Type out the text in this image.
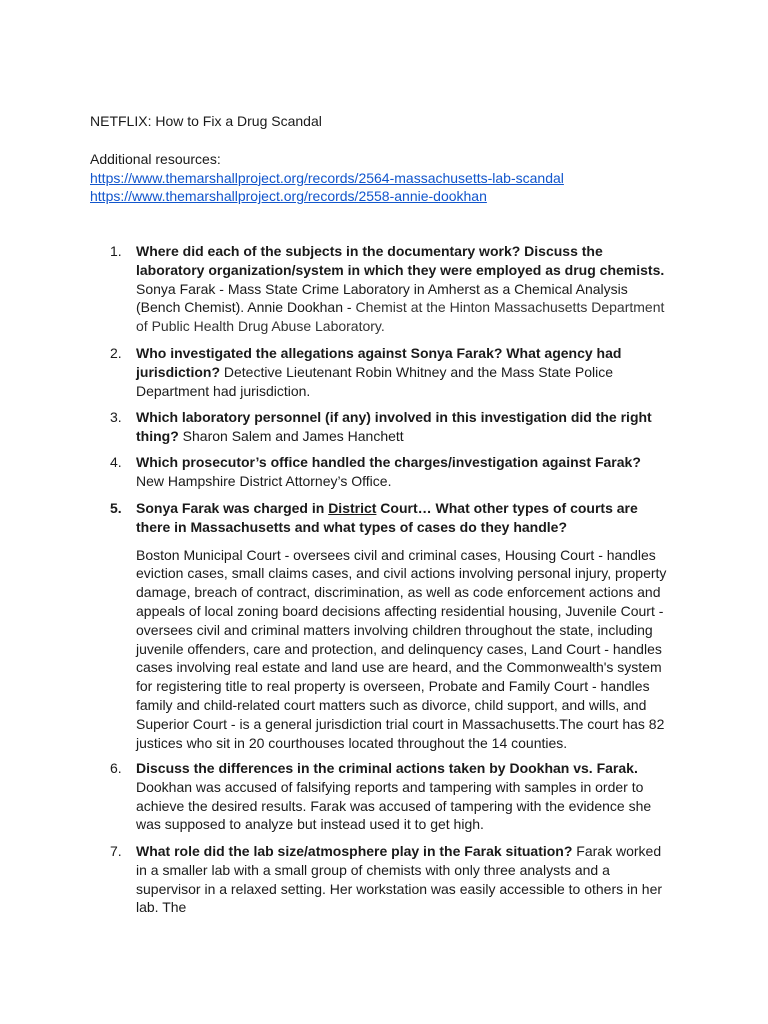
NETFLIX: How to Fix a Drug Scandal
Additional resources:
https://www.themarshallproject.org/records/2564-massachusetts-lab-scandal
https://www.themarshallproject.org/records/2558-annie-dookhan
1.	Where did each of the subjects in the documentary work? Discuss the laboratory organization/system in which they were employed as drug chemists. Sonya Farak - Mass State Crime Laboratory in Amherst as a Chemical Analysis (Bench Chemist). Annie Dookhan - Chemist at the Hinton Massachusetts Department of Public Health Drug Abuse Laboratory.
2.	Who investigated the allegations against Sonya Farak? What agency had jurisdiction? Detective Lieutenant Robin Whitney and the Mass State Police Department had jurisdiction.
3.	Which laboratory personnel (if any) involved in this investigation did the right thing? Sharon Salem and James Hanchett
4.	Which prosecutor’s office handled the charges/investigation against Farak? New Hampshire District Attorney’s Office.
5.	Sonya Farak was charged in District Court… What other types of courts are there in Massachusetts and what types of cases do they handle?
Boston Municipal Court - oversees civil and criminal cases, Housing Court - handles eviction cases, small claims cases, and civil actions involving personal injury, property damage, breach of contract, discrimination, as well as code enforcement actions and appeals of local zoning board decisions affecting residential housing, Juvenile Court - oversees civil and criminal matters involving children throughout the state, including juvenile offenders, care and protection, and delinquency cases, Land Court - handles cases involving real estate and land use are heard, and the Commonwealth's system for registering title to real property is overseen, Probate and Family Court - handles family and child-related court matters such as divorce, child support, and wills, and Superior Court - is a general jurisdiction trial court in Massachusetts.The court has 82 justices who sit in 20 courthouses located throughout the 14 counties.
6.	Discuss the differences in the criminal actions taken by Dookhan vs. Farak.
Dookhan was accused of falsifying reports and tampering with samples in order to achieve the desired results. Farak was accused of tampering with the evidence she was supposed to analyze but instead used it to get high.
7.	What role did the lab size/atmosphere play in the Farak situation? Farak worked in a smaller lab with a small group of chemists with only three analysts and a supervisor in a relaxed setting. Her workstation was easily accessible to others in her lab. The
